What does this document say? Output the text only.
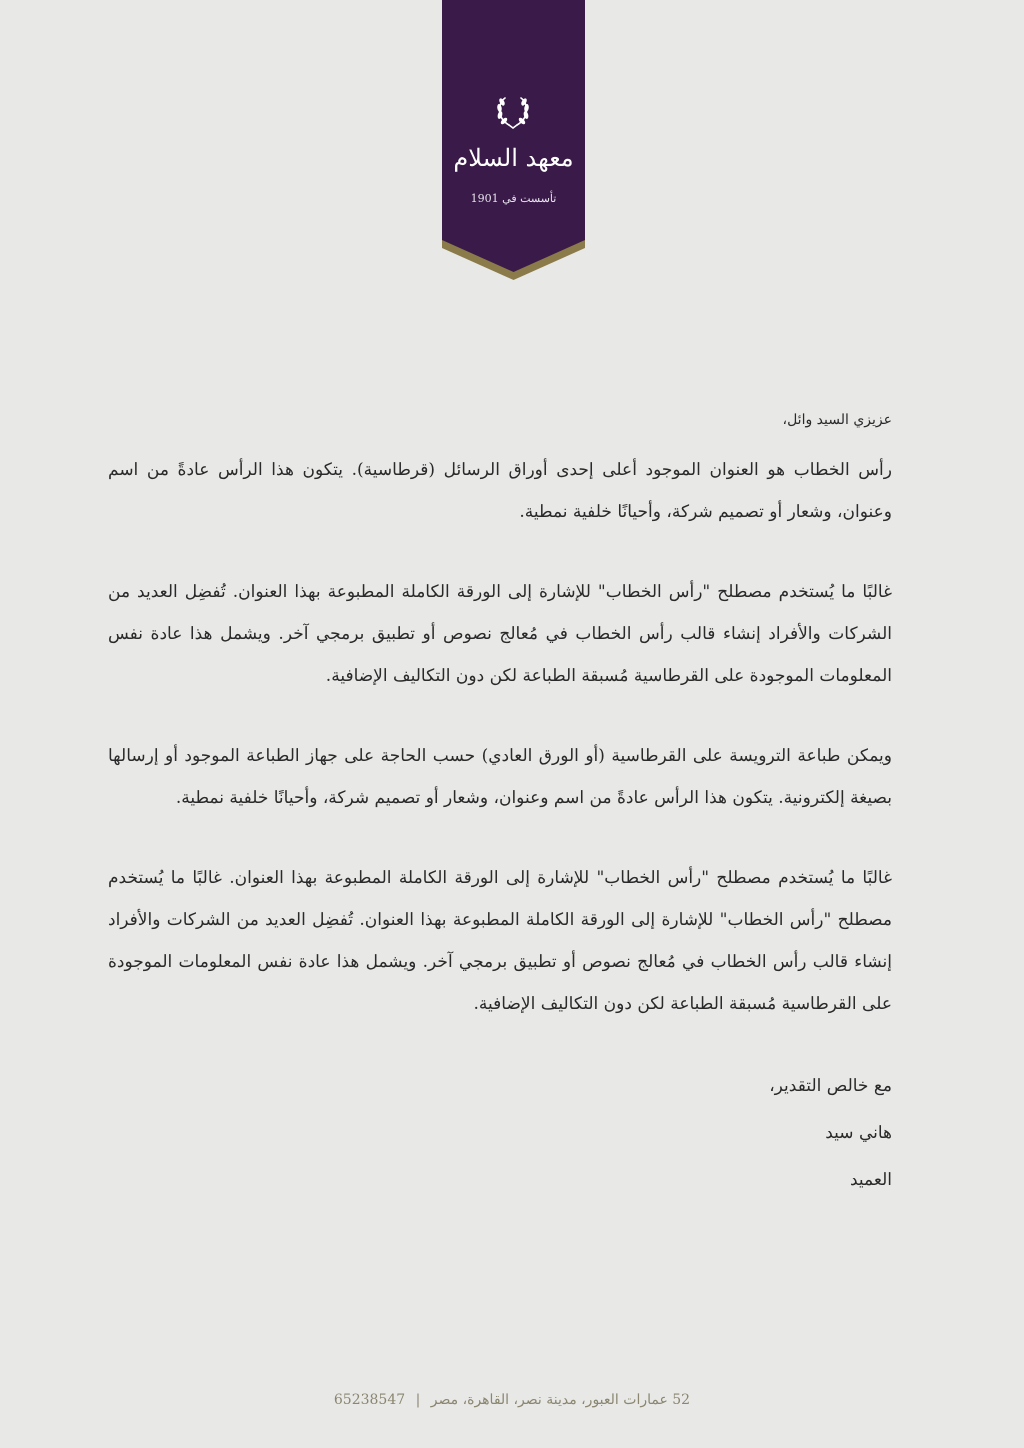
معهد السلام
تأسست في 1901

عزيزي السيد وائل،

رأس الخطاب هو العنوان الموجود أعلى إحدى أوراق الرسائل (قرطاسية). يتكون هذا الرأس عادةً من اسم وعنوان، وشعار أو تصميم شركة، وأحيانًا خلفية نمطية.

غالبًا ما يُستخدم مصطلح "رأس الخطاب" للإشارة إلى الورقة الكاملة المطبوعة بهذا العنوان. تُفضِل العديد من الشركات والأفراد إنشاء قالب رأس الخطاب في مُعالج نصوص أو تطبيق برمجي آخر. ويشمل هذا عادة نفس المعلومات الموجودة على القرطاسية مُسبقة الطباعة لكن دون التكاليف الإضافية.

ويمكن طباعة الترويسة على القرطاسية (أو الورق العادي) حسب الحاجة على جهاز الطباعة الموجود أو إرسالها بصيغة إلكترونية. يتكون هذا الرأس عادةً من اسم وعنوان، وشعار أو تصميم شركة، وأحيانًا خلفية نمطية.

غالبًا ما يُستخدم مصطلح "رأس الخطاب" للإشارة إلى الورقة الكاملة المطبوعة بهذا العنوان. غالبًا ما يُستخدم مصطلح "رأس الخطاب" للإشارة إلى الورقة الكاملة المطبوعة بهذا العنوان. تُفضِل العديد من الشركات والأفراد إنشاء قالب رأس الخطاب في مُعالج نصوص أو تطبيق برمجي آخر. ويشمل هذا عادة نفس المعلومات الموجودة على القرطاسية مُسبقة الطباعة لكن دون التكاليف الإضافية.

مع خالص التقدير،
هاني سيد
العميد
52 عمارات العبور، مدينة نصر، القاهرة، مصر | 65238547
